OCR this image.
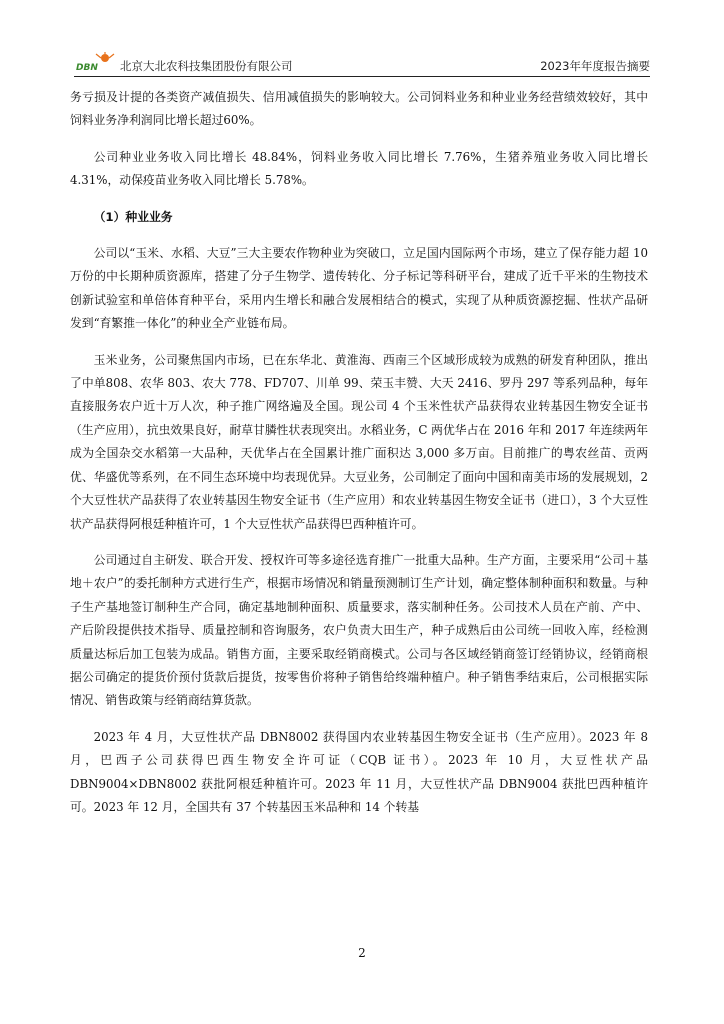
DBN 北京大北农科技集团股份有限公司	2023年年度报告摘要

务亏损及计提的各类资产减值损失、信用减值损失的影响较大。公司饲料业务和种业业务经营绩效较好，其中饲料业务净利润同比增长超过60%。

公司种业业务收入同比增长 48.84%，饲料业务收入同比增长 7.76%，生猪养殖业务收入同比增长 4.31%，动保疫苗业务收入同比增长 5.78%。

（1）种业业务

公司以“玉米、水稻、大豆”三大主要农作物种业为突破口，立足国内国际两个市场，建立了保存能力超 10 万份的中长期种质资源库，搭建了分子生物学、遗传转化、分子标记等科研平台，建成了近千平米的生物技术创新试验室和单倍体育种平台，采用内生增长和融合发展相结合的模式，实现了从种质资源挖掘、性状产品研发到“育繁推一体化”的种业全产业链布局。

玉米业务，公司聚焦国内市场，已在东华北、黄淮海、西南三个区域形成较为成熟的研发育种团队，推出了中单808、农华 803、农大 778、FD707、川单 99、荣玉丰赞、大天 2416、罗丹 297 等系列品种，每年直接服务农户近十万人次，种子推广网络遍及全国。现公司 4 个玉米性状产品获得农业转基因生物安全证书（生产应用），抗虫效果良好，耐草甘膦性状表现突出。水稻业务，C 两优华占在 2016 年和 2017 年连续两年成为全国杂交水稻第一大品种，天优华占在全国累计推广面积达 3,000 多万亩。目前推广的粤农丝苗、贡两优、华盛优等系列，在不同生态环境中均表现优异。大豆业务，公司制定了面向中国和南美市场的发展规划，2 个大豆性状产品获得了农业转基因生物安全证书（生产应用）和农业转基因生物安全证书（进口），3 个大豆性状产品获得阿根廷种植许可，1 个大豆性状产品获得巴西种植许可。

公司通过自主研发、联合开发、授权许可等多途径选育推广一批重大品种。生产方面，主要采用“公司＋基地＋农户”的委托制种方式进行生产，根据市场情况和销量预测制订生产计划，确定整体制种面积和数量。与种子生产基地签订制种生产合同，确定基地制种面积、质量要求，落实制种任务。公司技术人员在产前、产中、产后阶段提供技术指导、质量控制和咨询服务，农户负责大田生产，种子成熟后由公司统一回收入库，经检测质量达标后加工包装为成品。销售方面，主要采取经销商模式。公司与各区域经销商签订经销协议，经销商根据公司确定的提货价预付货款后提货，按零售价将种子销售给终端种植户。种子销售季结束后，公司根据实际情况、销售政策与经销商结算货款。

2023 年 4 月，大豆性状产品 DBN8002 获得国内农业转基因生物安全证书（生产应用）。2023 年 8 月，巴西子公司获得巴西生物安全许可证（CQB 证书）。2023 年 10 月，大豆性状产品 DBN9004×DBN8002 获批阿根廷种植许可。2023 年 11 月，大豆性状产品 DBN9004 获批巴西种植许可。2023 年 12 月，全国共有 37 个转基因玉米品种和 14 个转基

2
